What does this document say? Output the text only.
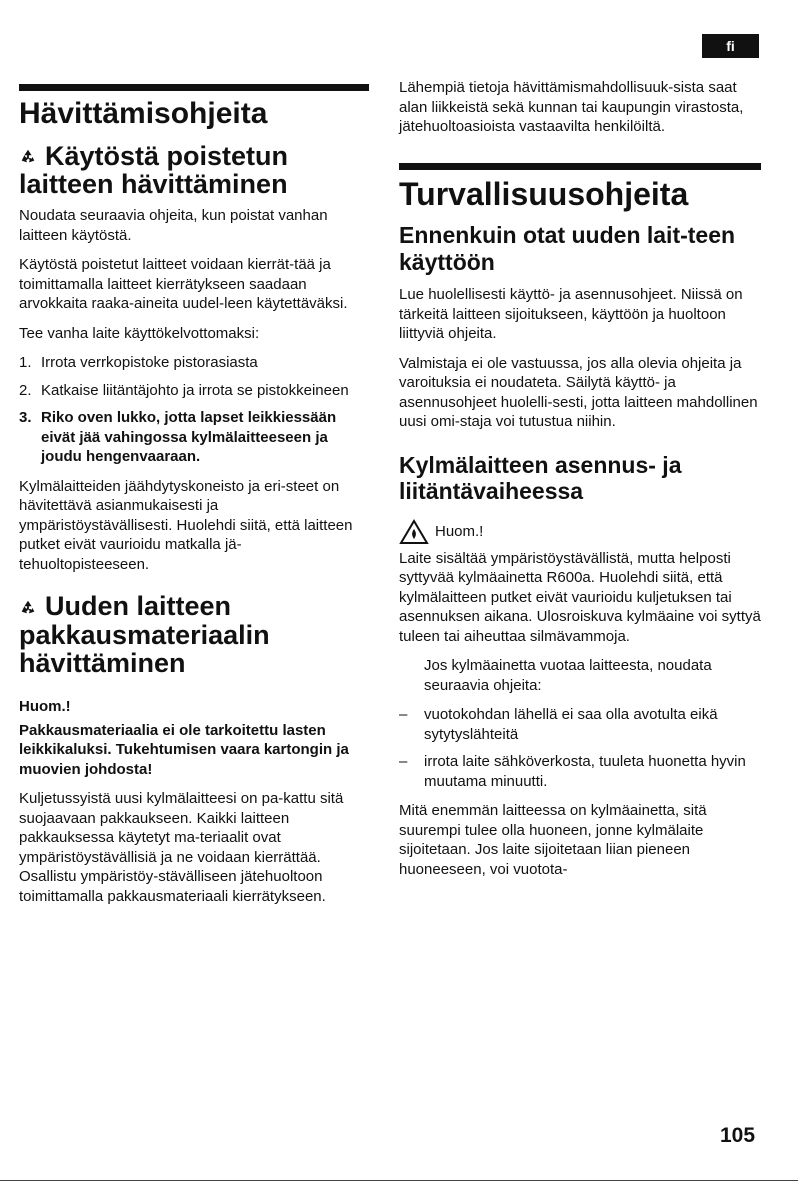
fi
Hävittämisohjeita
Käytöstä poistetun laitteen hävittäminen

Noudata seuraavia ohjeita, kun poistat vanhan laitteen käytöstä.

Käytöstä poistetut laitteet voidaan kierrät-tää ja toimittamalla laitteet kierrätykseen saadaan arvokkaita raaka-aineita uudel-leen käytettäväksi.

Tee vanha laite käyttökelvottomaksi:

1. Irrota verrkopistoke pistorasiasta
2. Katkaise liitäntäjohto ja irrota se pistokkeineen
3. Riko oven lukko, jotta lapset leikkiessään eivät jää vahingossa kylmälaitteeseen ja joudu hengenvaaraan.

Kylmälaitteiden jäähdytyskoneisto ja eri-steet on hävitettävä asianmukaisesti ja ympäristöystävällisesti. Huolehdi siitä, että laitteen putket eivät vaurioidu matkalla jä-tehuoltopisteeseen.

Uuden laitteen pakkausmateriaalin hävittäminen

Huom.!

Pakkausmateriaalia ei ole tarkoitettu lasten leikkikaluksi. Tukehtumisen vaara kartongin ja muovien johdosta!

Kuljetussyistä uusi kylmälaitteesi on pa-kattu sitä suojaavaan pakkaukseen. Kaikki laitteen pakkauksessa käytetyt ma-teriaalit ovat ympäristöystävällisiä ja ne voidaan kierrättää. Osallistu ympäristöy-stävälliseen jätehuoltoon toimittamalla pakkausmateriaali kierrätykseen.

Lähempiä tietoja hävittämismahdollisuuk-sista saat alan liikkeistä sekä kunnan tai kaupungin virastosta, jätehuoltoasioista vastaavilta henkilöiltä.

Turvallisuusohjeita
Ennenkuin otat uuden lait-teen käyttöön

Lue huolellisesti käyttö- ja asennusohjeet. Niissä on tärkeitä laitteen sijoitukseen, käyttöön ja huoltoon liittyviä ohjeita.

Valmistaja ei ole vastuussa, jos alla olevia ohjeita ja varoituksia ei noudateta. Säilytä käyttö- ja asennusohjeet huolelli-sesti, jotta laitteen mahdollinen uusi omi-staja voi tutustua niihin.

Kylmälaitteen asennus- ja liitäntävaiheessa
Huom.!

Laite sisältää ympäristöystävällistä, mutta helposti syttyvää kylmäainetta R600a. Huolehdi siitä, että kylmälaitteen putket eivät vaurioidu kuljetuksen tai asennuksen aikana. Ulosroiskuva kylmäaine voi syttyä tuleen tai aiheuttaa silmävammoja.

Jos kylmäainetta vuotaa laitteesta, noudata seuraavia ohjeita:

–	vuotokohdan lähellä ei saa olla avotulta eikä sytytyslähteitä
–	irrota laite sähköverkosta, tuuleta huonetta hyvin muutama minuutti.

Mitä enemmän laitteessa on kylmäainetta, sitä suurempi tulee olla huoneen, jonne kylmälaite sijoitetaan. Jos laite sijoitetaan liian pieneen huoneeseen, voi vuotota-

105
